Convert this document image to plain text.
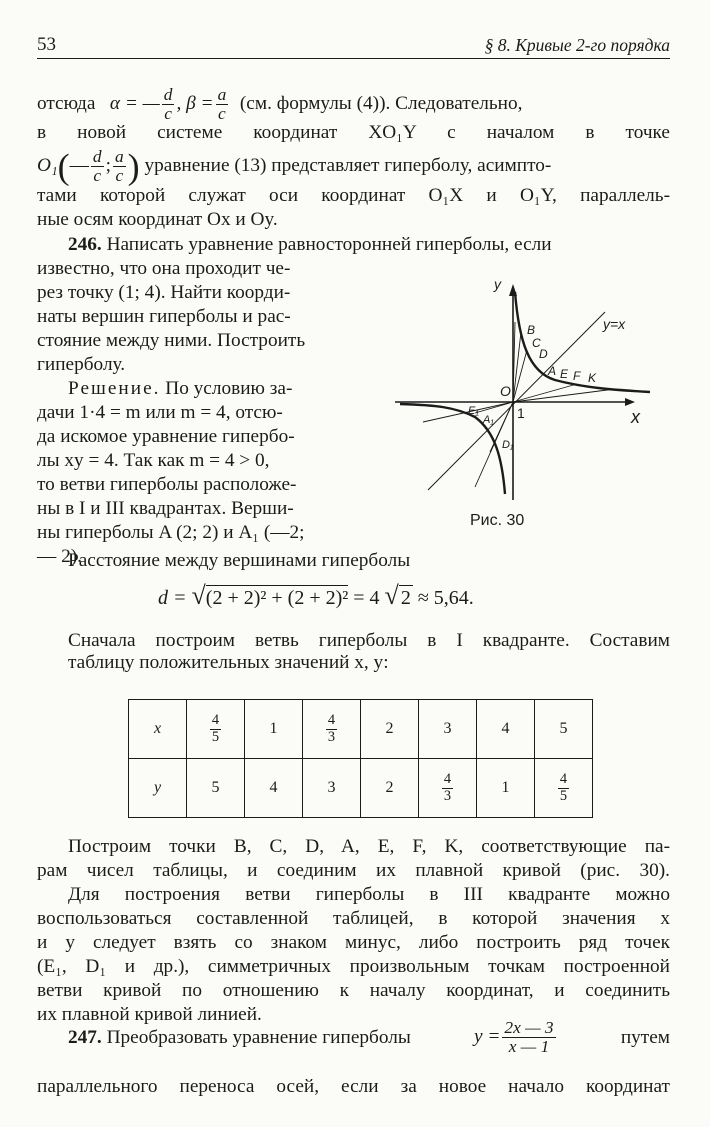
53	§ 8. Кривые 2-го порядка
отсюда α = — $\frac{d}{c}$ , $\beta = \frac{a}{c} (см$. формулы (4)). Следовательно,
в новой системе координат XO₁Y с началом в точке
O₁(— $\frac{d}{c}$ ; $\frac{a}{c}$ ) уравнение (13) представляет гиперболу, асимпто-
тами которой служат оси координат O₁X и O₁Y, параллель-
ные осям координат Ox и Oy.
246. Написать уравнение равносторонней гиперболы, если
известно, что она проходит че-
рез точку (1; 4). Найти коорди-
наты вершин гиперболы и рас-
стояние между ними. Построить
гиперболу.
Решение. По условию за-
дачи 1·4 = m или m = 4, отсю-
да искомое уравнение гипербо-
лы xy = 4. Так как m = 4 > 0,
то ветви гиперболы расположе-
ны в I и III квадрантах. Верши-
ны гиперболы A (2; 2) и A₁ (—2;
— 2).
y
x
y=x
O
1
B
C
D
A E F K
E₁
A₁
D₁
Рис. 30
Расстояние между вершинами гиперболы
d = √(2 + 2)² + (2 + 2)² = 4 √ 2 ≈ 5,64.
Сначала построим ветвь гиперболы в I квадранте. Составим
таблицу положительных значений x, y:
x	$\frac{4}{5}$	1	$\frac{4}{3}$	2	3	4	5
y	5	4	3	2	$\frac{4}{3}$	1	$\frac{4}{5}$
Построим точки B, C, D, A, E, F, K, соответствующие па-
рам чисел таблицы, и соединим их плавной кривой (рис. 30).
Для построения ветви гиперболы в III квадранте можно
воспользоваться составленной таблицей, в которой значения x
и y следует взять со знаком минус, либо построить ряд точек
(E₁, D₁ и др.), симметричных произвольным точкам построенной
ветви кривой по отношению к началу координат, и соединить
их плавной кривой линией.
247. Преобразовать уравнение гиперболы	$y = \frac{2x — 3}{x — 1}$	путем
параллельного переноса осей, если за новое начало координат
